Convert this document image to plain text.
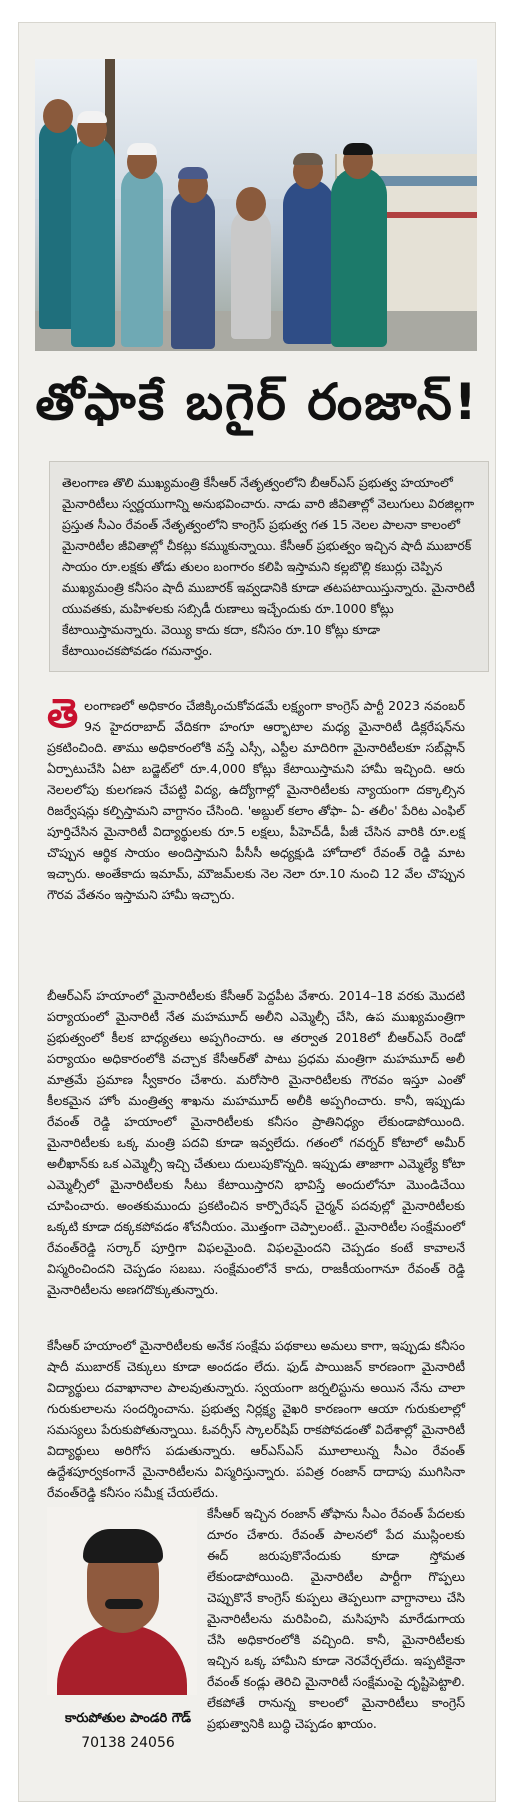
తోఫాకే బగైర్ రంజాన్!
తెలంగాణ తొలి ముఖ్యమంత్రి కేసీఆర్ నేతృత్వంలోని బీఆర్ఎస్ ప్రభుత్వ హయాంలో మైనారిటీలు స్వర్ణయుగాన్ని అనుభవించారు. నాడు వారి జీవితాల్లో వెలుగులు విరజిల్లగా ప్రస్తుత సీఎం రేవంత్ నేతృత్వంలోని కాంగ్రెస్ ప్రభుత్వ గత 15 నెలల పాలనా కాలంలో మైనారిటీల జీవితాల్లో చీకట్లు కమ్ముకున్నాయి. కేసీఆర్ ప్రభుత్వం ఇచ్చిన షాదీ ముబారక్ సాయం రూ.లక్షకు తోడు తులం బంగారం కలిపి ఇస్తామని కల్లబొల్లి కబుర్లు చెప్పిన ముఖ్యమంత్రి కనీసం షాదీ ముబారక్ ఇవ్వడానికి కూడా తటపటాయిస్తున్నారు. మైనారిటీ యువతకు, మహిళలకు సబ్సిడీ రుణాలు ఇచ్చేందుకు రూ.1000 కోట్లు కేటాయిస్తామన్నారు. వెయ్యి కాదు కదా, కనీసం రూ.10 కోట్లు కూడా కేటాయించకపోవడం గమనార్హం.

తె లంగాణలో అధికారం చేజిక్కించుకోవడమే లక్ష్యంగా కాంగ్రెస్ పార్టీ 2023 నవంబర్ 9న హైదరాబాద్ వేదికగా హంగూ ఆర్భాటాల మధ్య మైనారిటీ డిక్లరేషన్‌ను ప్రకటించింది. తాము అధికారంలోకి వస్తే ఎస్సీ, ఎస్టీల మాదిరిగా మైనారిటీలకూ సబ్‌ప్లాన్ ఏర్పాటుచేసి ఏటా బడ్జెట్‌లో రూ.4,000 కోట్లు కేటాయిస్తామని హామీ ఇచ్చింది. ఆరు నెలలలోపు కులగణన చేపట్టి విద్య, ఉద్యోగాల్లో మైనారిటీలకు న్యాయంగా దక్కాల్సిన రిజర్వేషన్లు కల్పిస్తామని వాగ్దానం చేసింది. 'అబ్దుల్ కలాం తోఫా- ఏ- తలీం' పేరిట ఎంఫిల్ పూర్తిచేసిన మైనారిటీ విద్యార్థులకు రూ.5 లక్షలు, పీహెచ్‌డీ, పీజీ చేసిన వారికి రూ.లక్ష చొప్పున ఆర్థిక సాయం అందిస్తామని పీసీసీ అధ్యక్షుడి హోదాలో రేవంత్ రెడ్డి మాట ఇచ్చారు. అంతేకాదు ఇమామ్, మౌజమ్‌లకు నెల నెలా రూ.10 నుంచి 12 వేల చొప్పున గౌరవ వేతనం ఇస్తామని హామీ ఇచ్చారు.

బీఆర్ఎస్ హయాంలో మైనారిటీలకు కేసీఆర్ పెద్దపీట వేశారు. 2014–18 వరకు మొదటి పర్యాయంలో మైనారిటీ నేత మహమూద్ అలీని ఎమ్మెల్సీ చేసి, ఉప ముఖ్యమంత్రిగా ప్రభుత్వంలో కీలక బాధ్యతలు అప్పగించారు. ఆ తర్వాత 2018లో బీఆర్ఎస్ రెండో పర్యాయం అధికారంలోకి వచ్చాక కేసీఆర్‌తో పాటు ప్రధమ మంత్రిగా మహమూద్ అలీ మాత్రమే ప్రమాణ స్వీకారం చేశారు. మరోసారి మైనారిటీలకు గౌరవం ఇస్తూ ఎంతో కీలకమైన హోం మంత్రిత్వ శాఖను మహమూద్ అలీకి అప్పగించారు. కానీ, ఇప్పుడు రేవంత్ రెడ్డి హయాంలో మైనారిటీలకు కనీసం ప్రాతినిధ్యం లేకుండాపోయింది. మైనారిటీలకు ఒక్క మంత్రి పదవి కూడా ఇవ్వలేదు. గతంలో గవర్నర్ కోటాలో అమీర్ అలీఖాన్‌కు ఒక ఎమ్మెల్సీ ఇచ్చి చేతులు దులుపుకొన్నది. ఇప్పుడు తాజాగా ఎమ్మెల్యే కోటా ఎమ్మెల్సీలో మైనారిటీలకు సీటు కేటాయిస్తారని భావిస్తే అందులోనూ మొండిచేయి చూపించారు. అంతకుముందు ప్రకటించిన కార్పొరేషన్ చైర్మన్ పదవుల్లో మైనారిటీలకు ఒక్కటి కూడా దక్కకపోవడం శోచనీయం. మొత్తంగా చెప్పాలంటే.. మైనారిటీల సంక్షేమంలో రేవంత్‌రెడ్డి సర్కార్ పూర్తిగా విఫలమైంది. విఫలమైందని చెప్పడం కంటే కావాలనే విస్మరించిందని చెప్పడం సబబు. సంక్షేమంలోనే కాదు, రాజకీయంగానూ రేవంత్ రెడ్డి మైనారిటీలను అణగదొక్కుతున్నారు.

కేసీఆర్ హయాంలో మైనారిటీలకు అనేక సంక్షేమ పథకాలు అమలు కాగా, ఇప్పుడు కనీసం షాదీ ముబారక్ చెక్కులు కూడా అందడం లేదు. ఫుడ్ పాయిజన్ కారణంగా మైనారిటీ విద్యార్థులు దవాఖానాల పాలవుతున్నారు. స్వయంగా జర్నలిస్టును అయిన నేను చాలా గురుకులాలను సందర్శించాను. ప్రభుత్వ నిర్లక్ష్య వైఖరి కారణంగా ఆయా గురుకులాల్లో సమస్యలు పేరుకుపోతున్నాయి. ఓవర్సీస్ స్కాలర్‌షిప్ రాకపోవడంతో విదేశాల్లో మైనారిటీ విద్యార్థులు అరిగోస పడుతున్నారు. ఆర్ఎస్ఎస్ మూలాలున్న సీఎం రేవంత్ ఉద్దేశపూర్వకంగానే మైనారిటీలను విస్మరిస్తున్నారు. పవిత్ర రంజాన్ దాదాపు ముగిసినా రేవంత్‌రెడ్డి కనీసం సమీక్ష చేయలేదు.

కేసీఆర్ ఇచ్చిన రంజాన్ తోఫాను సీఎం రేవంత్ పేదలకు దూరం చేశారు. రేవంత్ పాలనలో పేద ముస్లింలకు ఈద్ జరుపుకొనేందుకు కూడా స్తోమత లేకుండాపోయింది. మైనారిటీల పార్టీగా గొప్పలు చెప్పుకొనే కాంగ్రెస్ కుప్పలు తెప్పలుగా వాగ్దానాలు చేసి మైనారిటీలను మరిపించి, మసిపూసి మారేడుగాయ చేసి అధికారంలోకి వచ్చింది. కానీ, మైనారిటీలకు ఇచ్చిన ఒక్క హామీని కూడా నెరవేర్చలేదు. ఇప్పటికైనా రేవంత్ కండ్లు తెరిచి మైనారిటీ సంక్షేమంపై దృష్టిపెట్టాలి. లేకపోతే రానున్న కాలంలో మైనారిటీలు కాంగ్రెస్ ప్రభుత్వానికి బుద్ధి చెప్పడం ఖాయం.
కారుపోతుల పాండరి గౌడ్
70138 24056
